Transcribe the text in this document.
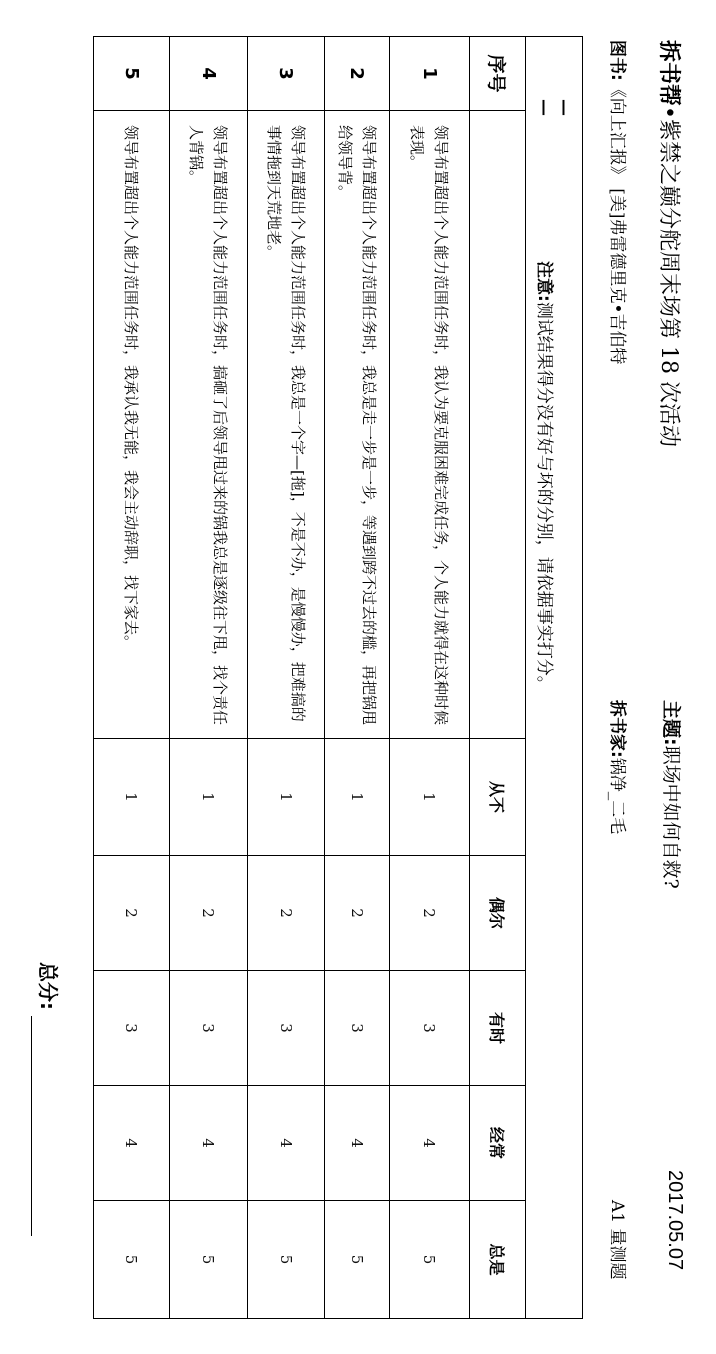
拆书帮•紫禁之巅分舵周末场第 18 次活动
主题:职场中如何自救?
2017.05.07
图书:《向上汇报》 [美]弗雷德里克•吉伯特
拆书家:锅净_二毛
A1 量测题
— —注意:测试结果得分没有好与坏的分别，请依据事实打分。						
序号		从不	偶尔	有时	经常	总是
1	领导布置超出个人能力范围任务时，我认为要克服困难完成任务，个人能力就得在这种时候表现。	1	2	3	4	5
2	领导布置超出个人能力范围任务时，我总是走一步是一步，等遇到跨不过去的槛，再把锅甩给领导背。	1	2	3	4	5
3	领导布置超出个人能力范围任务时，我总是一个字—[拖]，不是不办，是慢慢办，把难搞的事情拖到天荒地老。	1	2	3	4	5
4	领导布置超出个人能力范围任务时，搞砸了后领导甩过来的锅我总是逐级往下甩，找个责任人背锅。	1	2	3	4	5
5	领导布置超出个人能力范围任务时，我承认我无能，我会主动辞职，找下家去。	1	2	3	4	5
总分:
